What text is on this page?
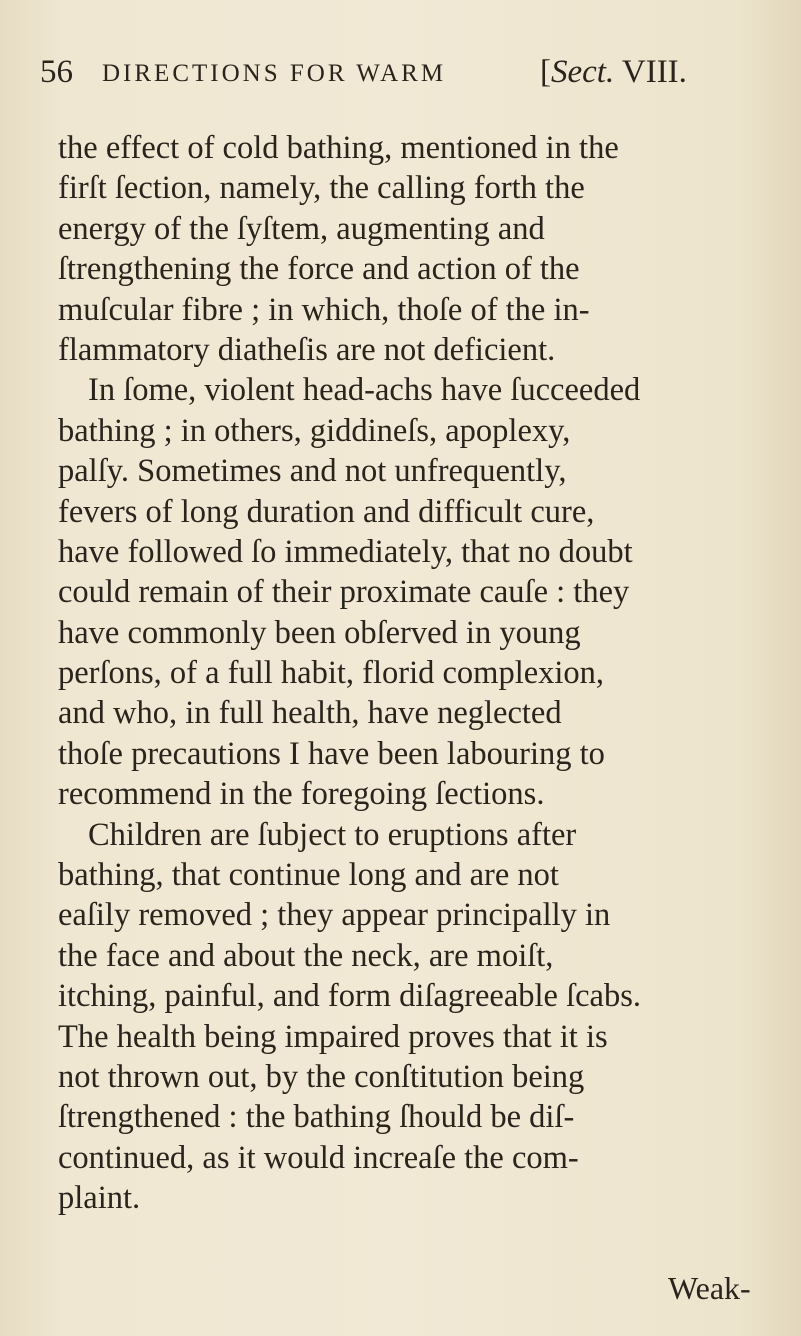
56 DIRECTIONS FOR WARM	[Sect. VIII.
the effect of cold bathing, mentioned in the
firſt ſection, namely, the calling forth the
energy of the ſyſtem, augmenting and
ſtrengthening the force and action of the
muſcular fibre ; in which, thoſe of the in-
flammatory diatheſis are not deficient.
In ſome, violent head-achs have ſucceeded
bathing ; in others, giddineſs, apoplexy,
palſy. Sometimes and not unfrequently,
fevers of long duration and difficult cure,
have followed ſo immediately, that no doubt
could remain of their proximate cauſe : they
have commonly been obſerved in young
perſons, of a full habit, florid complexion,
and who, in full health, have neglected
thoſe precautions I have been labouring to
recommend in the foregoing ſections.
Children are ſubject to eruptions after
bathing, that continue long and are not
eaſily removed ; they appear principally in
the face and about the neck, are moiſt,
itching, painful, and form diſagreeable ſcabs.
The health being impaired proves that it is
not thrown out, by the conſtitution being
ſtrengthened : the bathing ſhould be diſ-
continued, as it would increaſe the com-
plaint.
Weak-
